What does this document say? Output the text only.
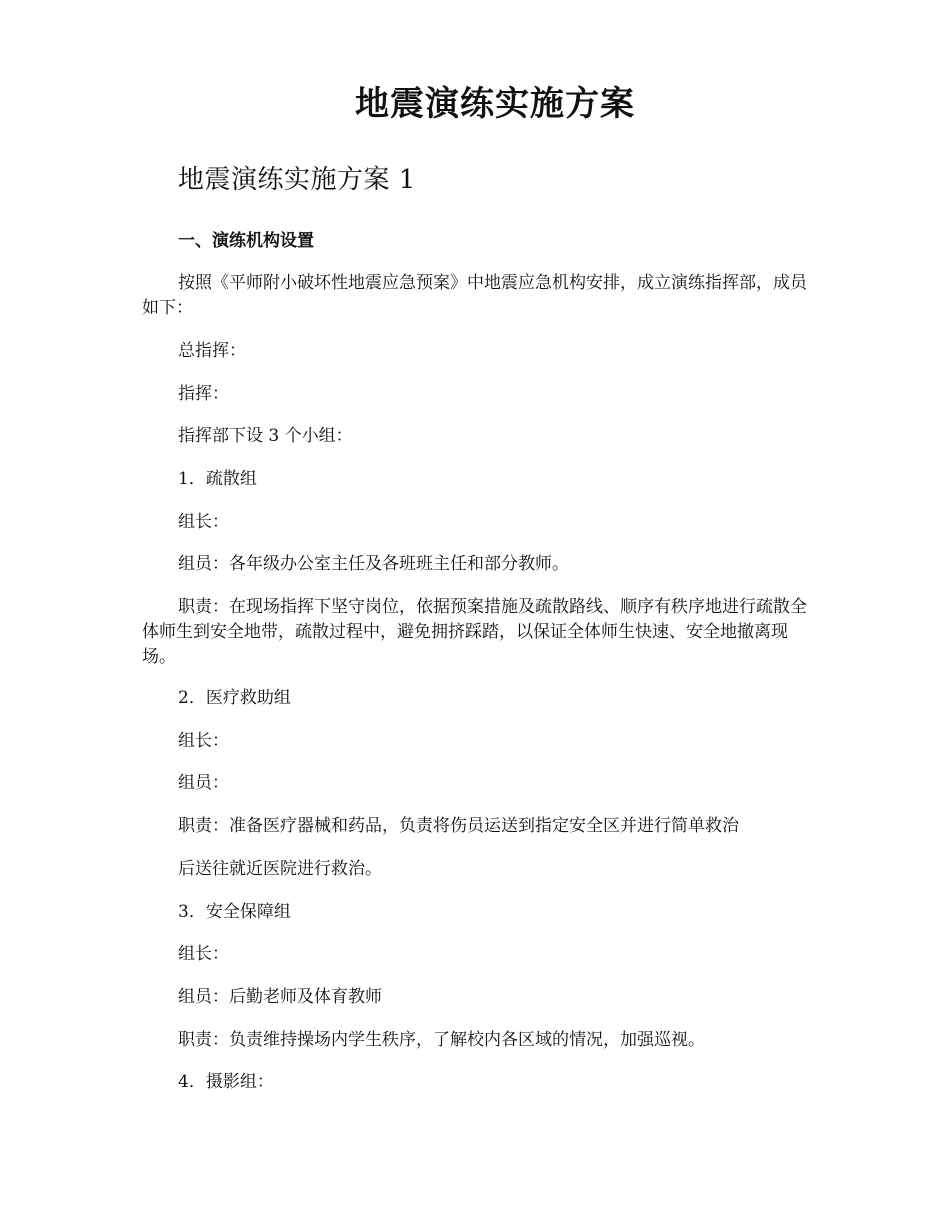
地震演练实施方案
地震演练实施方案 1

一、演练机构设置

按照《平师附小破坏性地震应急预案》中地震应急机构安排，成立演练指挥部，成员如下：

总指挥：

指挥：

指挥部下设 3 个小组：

1．疏散组

组长：

组员：各年级办公室主任及各班班主任和部分教师。

职责：在现场指挥下坚守岗位，依据预案措施及疏散路线、顺序有秩序地进行疏散全体师生到安全地带，疏散过程中，避免拥挤踩踏，以保证全体师生快速、安全地撤离现场。

2．医疗救助组

组长：

组员：

职责：准备医疗器械和药品，负责将伤员运送到指定安全区并进行简单救治

后送往就近医院进行救治。

3．安全保障组

组长：

组员：后勤老师及体育教师

职责：负责维持操场内学生秩序，了解校内各区域的情况，加强巡视。

4．摄影组：
